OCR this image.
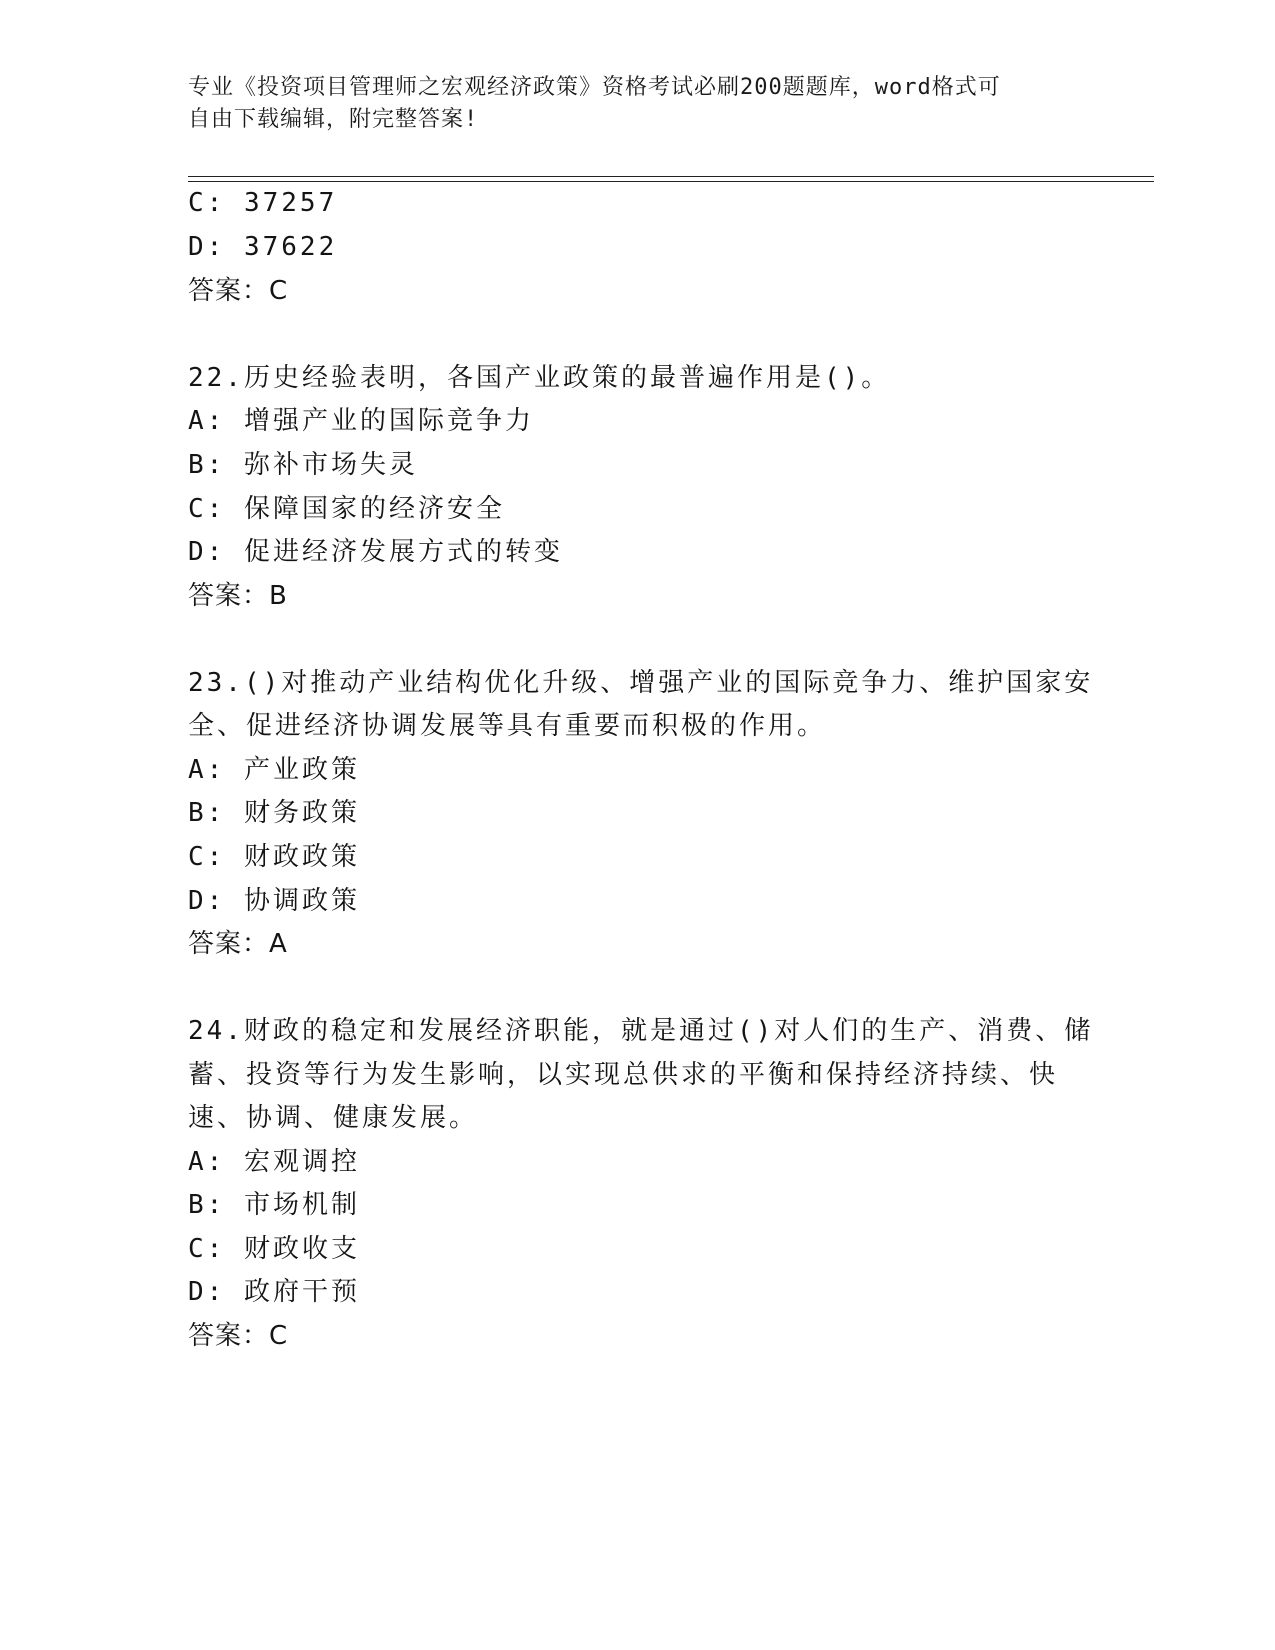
专业《投资项目管理师之宏观经济政策》资格考试必刷200题题库，word格式可
自由下载编辑，附完整答案!
C: 37257
D: 37622
答案：C
22.历史经验表明，各国产业政策的最普遍作用是()。
A: 增强产业的国际竞争力
B: 弥补市场失灵
C: 保障国家的经济安全
D: 促进经济发展方式的转变
答案：B
23.()对推动产业结构优化升级、增强产业的国际竞争力、维护国家安
全、促进经济协调发展等具有重要而积极的作用。
A: 产业政策
B: 财务政策
C: 财政政策
D: 协调政策
答案：A
24.财政的稳定和发展经济职能，就是通过()对人们的生产、消费、储
蓄、投资等行为发生影响，以实现总供求的平衡和保持经济持续、快
速、协调、健康发展。
A: 宏观调控
B: 市场机制
C: 财政收支
D: 政府干预
答案：C
